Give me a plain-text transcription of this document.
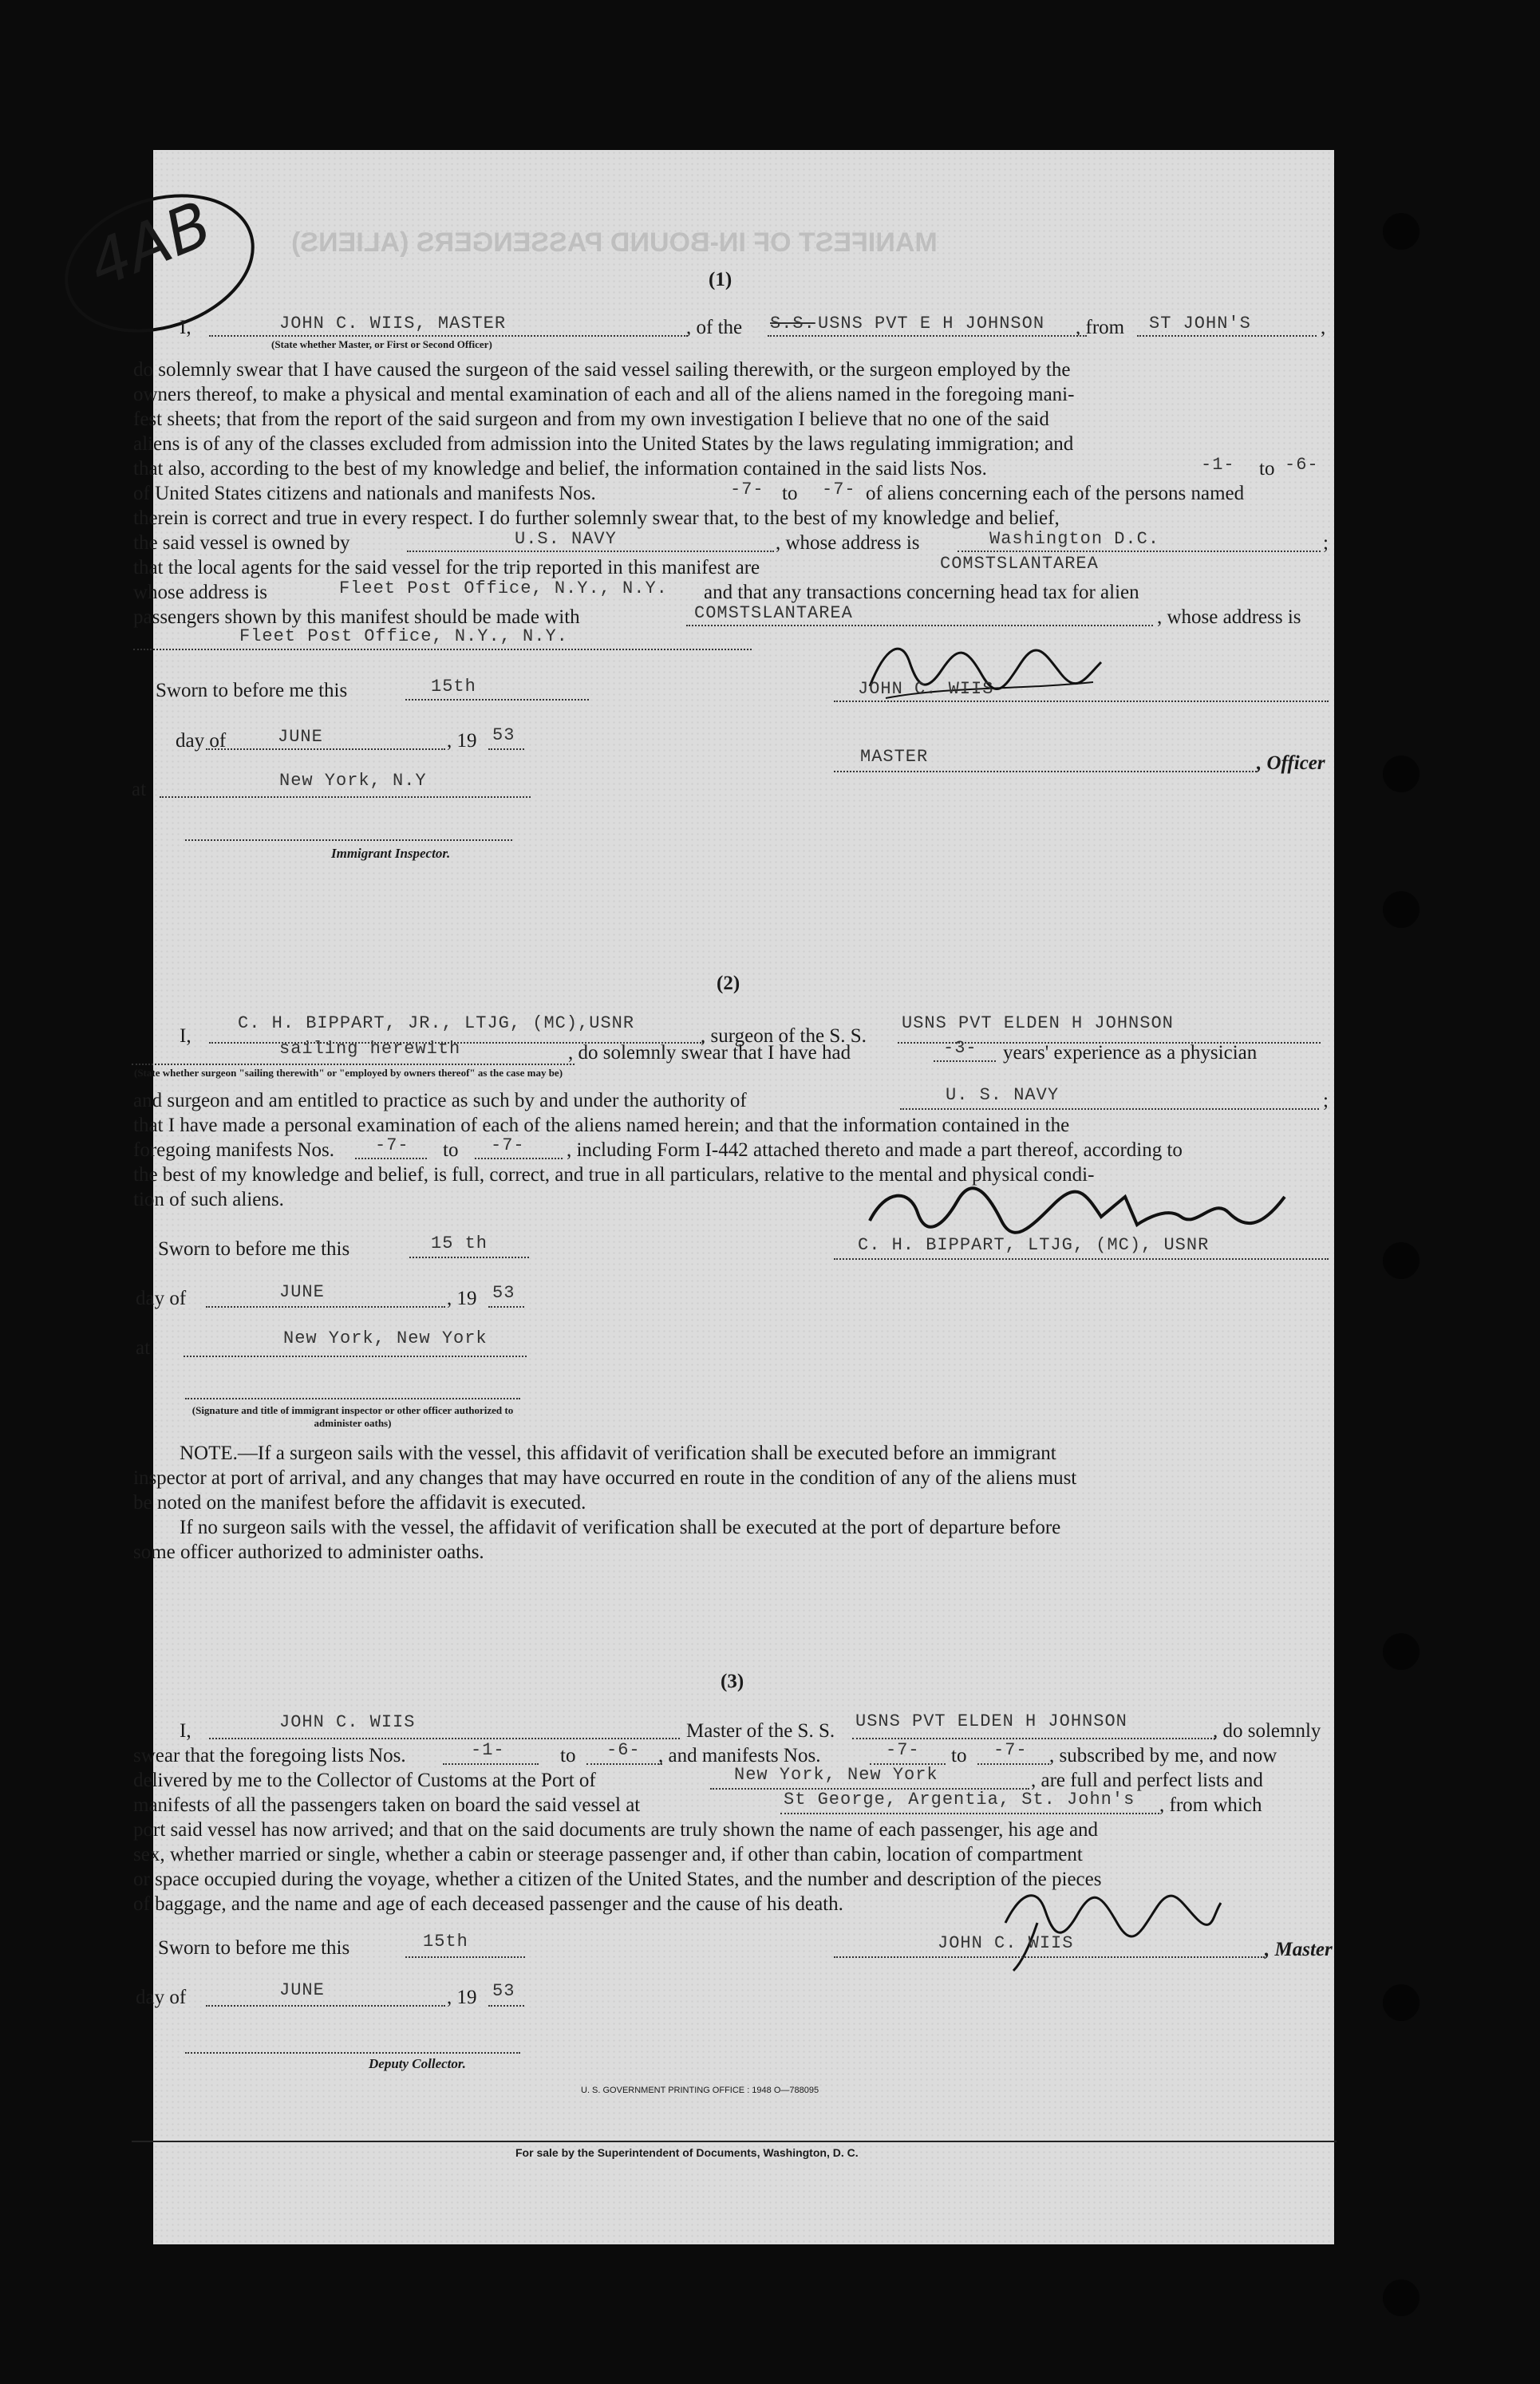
MANIFEST OF IN-BOUND PASSENGERS (ALIENS)
4AB	(1)
I,	JOHN C. WIIS, MASTER
(State whether Master, or First or Second Officer)
, of the S.S. USNS PVT E H JOHNSON , from ST JOHN'S	,
do solemnly swear that I have caused the surgeon of the said vessel sailing therewith, or the surgeon employed by the
owners thereof, to make a physical and mental examination of each and all of the aliens named in the foregoing mani-
fest sheets; that from the report of the said surgeon and from my own investigation I believe that no one of the said
aliens is of any of the classes excluded from admission into the United States by the laws regulating immigration; and
that also, according to the best of my knowledge and belief, the information contained in the said lists Nos.	-1- to -6-
of United States citizens and nationals and manifests Nos.	-7- to -7- of aliens concerning each of the persons named
therein is correct and true in every respect. I do further solemnly swear that, to the best of my knowledge and belief,
the said vessel is owned by	U.S. NAVY	, whose address is	Washington D.C.	;
that the local agents for the said vessel for the trip reported in this manifest are	COMSTSLANTAREA
whose address is	Fleet Post Office, N.Y., N.Y. and that any transactions concerning head tax for alien
passengers shown by this manifest should be made with	COMSTSLANTAREA	, whose address is
Fleet Post Office, N.Y., N.Y.
Sworn to before me this	15th	JOHN C. WIIS
day of	JUNE	, 19 53
MASTER	, Officer
at	New York, N.Y
Immigrant Inspector.
(2)
I,
C. H. BIPPART, JR., LTJG, (MC),USNR
, surgeon of the S. S.
USNS PVT ELDEN H JOHNSON
sailing herewith	, do solemnly swear that I have had	-3- years' experience as a physician
(State whether surgeon "sailing therewith" or "employed by owners thereof" as the case may be)
and surgeon and am entitled to practice as such by and under the authority of	U. S. NAVY	;
that I have made a personal examination of each of the aliens named herein; and that the information contained in the
foregoing manifests Nos. -7- to -7- , including Form I-442 attached thereto and made a part thereof, according to
the best of my knowledge and belief, is full, correct, and true in all particulars, relative to the mental and physical condi-
tion of such aliens.
Sworn to before me this	15 th	C. H. BIPPART, LTJG, (MC), USNR
day of	JUNE	, 19 53
at	New York, New York
(Signature and title of immigrant inspector or other officer authorized to administer oaths)
NOTE.—If a surgeon sails with the vessel, this affidavit of verification shall be executed before an immigrant
inspector at port of arrival, and any changes that may have occurred en route in the condition of any of the aliens must
be noted on the manifest before the affidavit is executed.
If no surgeon sails with the vessel, the affidavit of verification shall be executed at the port of departure before
some officer authorized to administer oaths.
(3)
I,	JOHN C. WIIS	Master of the S. S. USNS PVT ELDEN H JOHNSON	, do solemnly
swear that the foregoing lists Nos.	-1-	to -6- , and manifests Nos.	-7- to -7- , subscribed by me, and now
delivered by me to the Collector of Customs at the Port of	New York, New York	, are full and perfect lists and
manifests of all the passengers taken on board the said vessel at	St George, Argentia, St. John's , from which
port said vessel has now arrived; and that on the said documents are truly shown the name of each passenger, his age and
sex, whether married or single, whether a cabin or steerage passenger and, if other than cabin, location of compartment
or space occupied during the voyage, whether a citizen of the United States, and the number and description of the pieces
of baggage, and the name and age of each deceased passenger and the cause of his death.
Sworn to before me this	15th	JOHN C. WIIS	, Master
day of	JUNE	, 19 53
Deputy Collector.
U. S. GOVERNMENT PRINTING OFFICE : 1948 O—788095
For sale by the Superintendent of Documents, Washington, D. C.
